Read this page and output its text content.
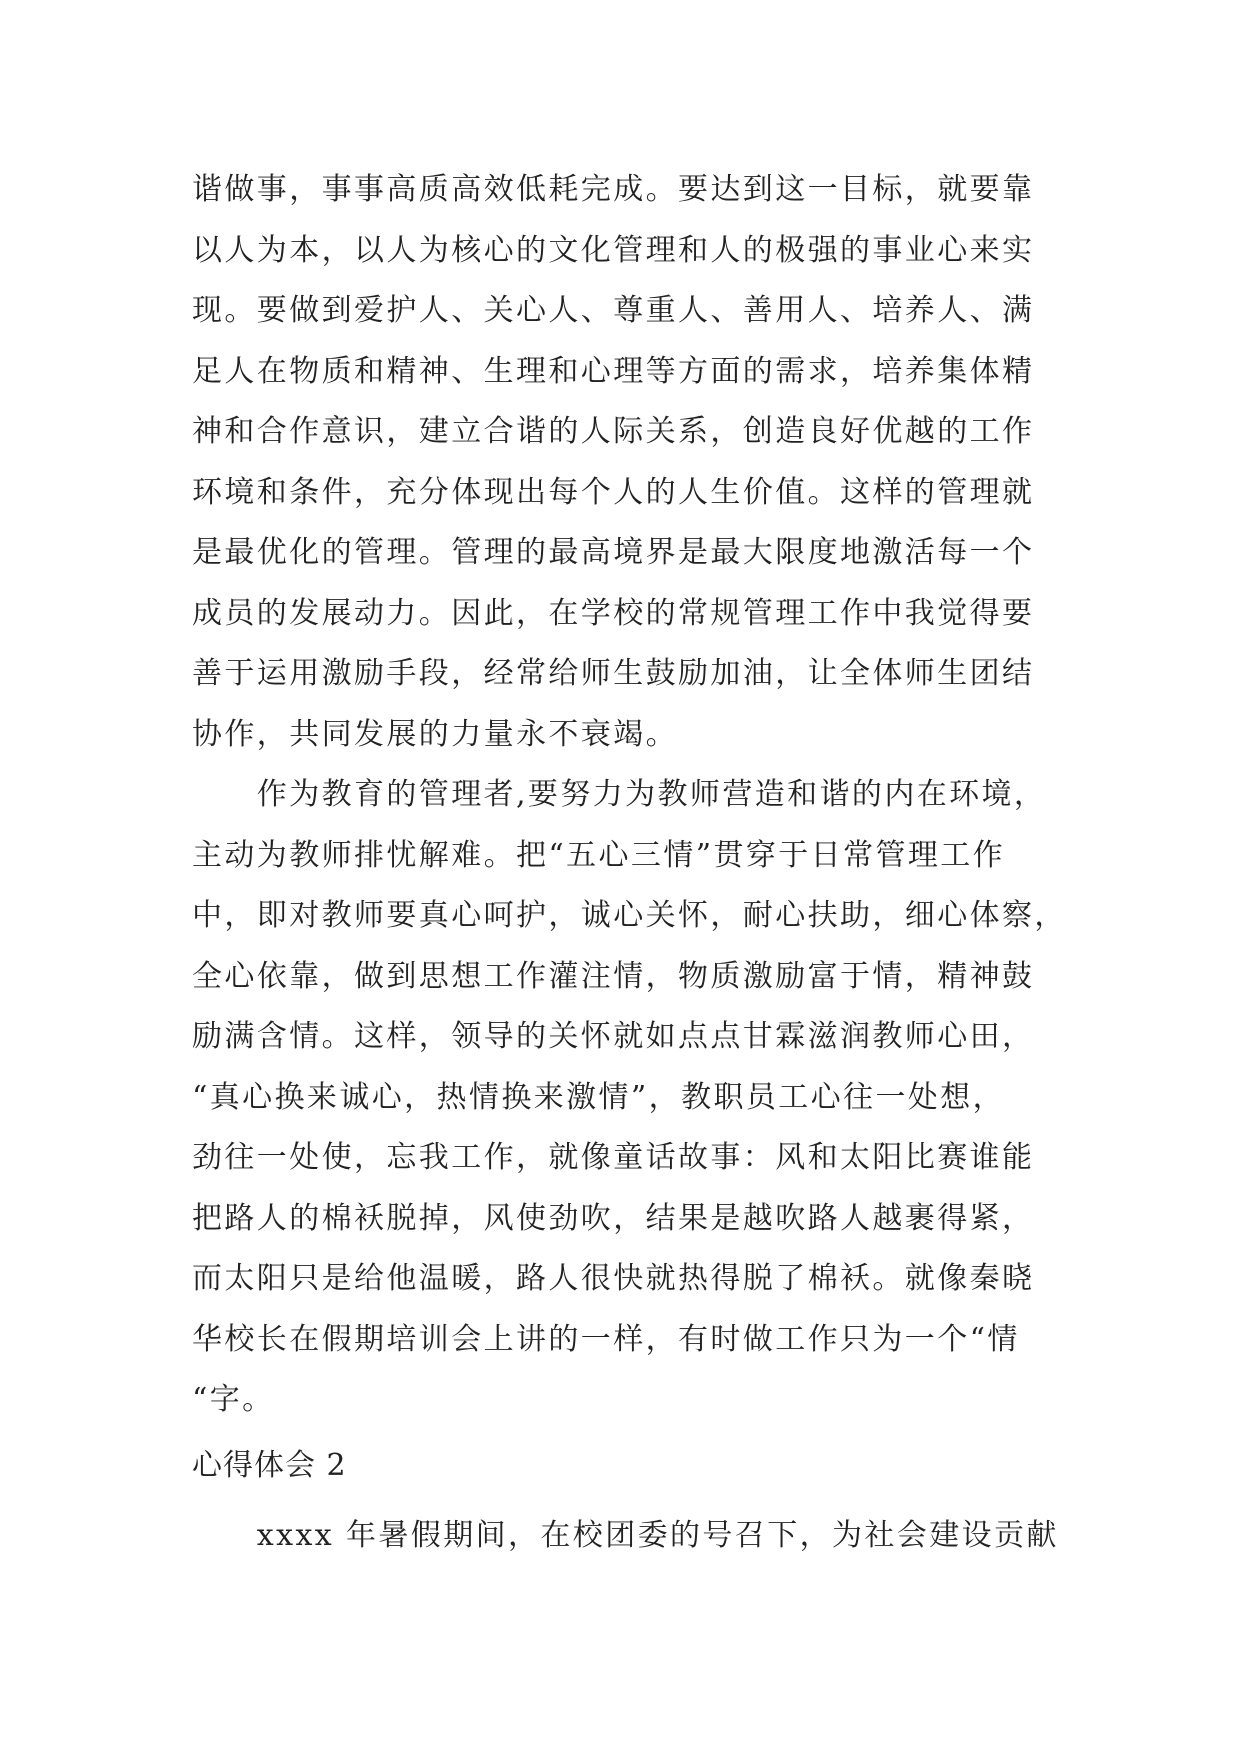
谐做事，事事高质高效低耗完成。要达到这一目标，就要靠
以人为本，以人为核心的文化管理和人的极强的事业心来实
现。要做到爱护人、关心人、尊重人、善用人、培养人、满
足人在物质和精神、生理和心理等方面的需求，培养集体精
神和合作意识，建立合谐的人际关系，创造良好优越的工作
环境和条件，充分体现出每个人的人生价值。这样的管理就
是最优化的管理。管理的最高境界是最大限度地激活每一个
成员的发展动力。因此，在学校的常规管理工作中我觉得要
善于运用激励手段，经常给师生鼓励加油，让全体师生团结
协作，共同发展的力量永不衰竭。
　　作为教育的管理者,要努力为教师营造和谐的内在环境，
主动为教师排忧解难。把“五心三情”贯穿于日常管理工作
中，即对教师要真心呵护，诚心关怀，耐心扶助，细心体察，
全心依靠，做到思想工作灌注情，物质激励富于情，精神鼓
励满含情。这样，领导的关怀就如点点甘霖滋润教师心田，
“真心换来诚心，热情换来激情”，教职员工心往一处想，
劲往一处使，忘我工作，就像童话故事：风和太阳比赛谁能
把路人的棉袄脱掉，风使劲吹，结果是越吹路人越裹得紧，
而太阳只是给他温暖，路人很快就热得脱了棉袄。就像秦晓
华校长在假期培训会上讲的一样，有时做工作只为一个“情
“字。
心得体会 2
　　xxxx 年暑假期间，在校团委的号召下，为社会建设贡献
